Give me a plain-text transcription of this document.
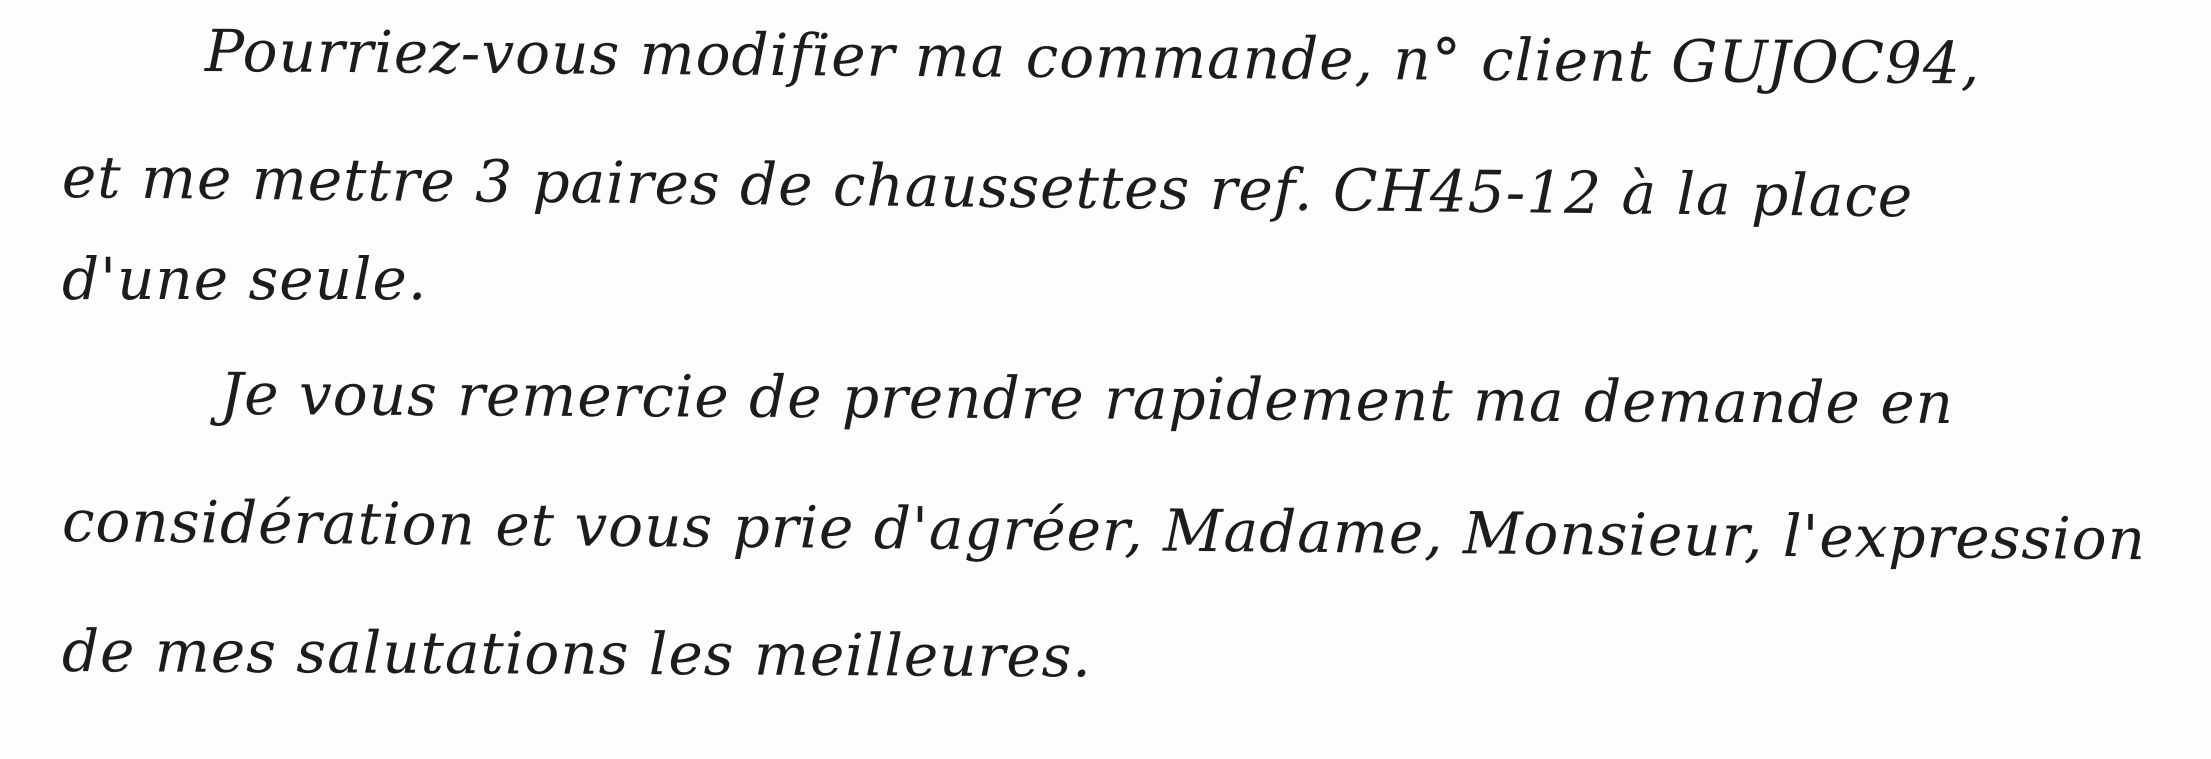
Pourriez-vous modifier ma commande, n° client GUJOC94,
et me mettre 3 paires de chaussettes ref. CH45-12 à la place
d'une seule.
Je vous remercie de prendre rapidement ma demande en
considération et vous prie d'agréer, Madame, Monsieur, l'expression
de mes salutations les meilleures.
